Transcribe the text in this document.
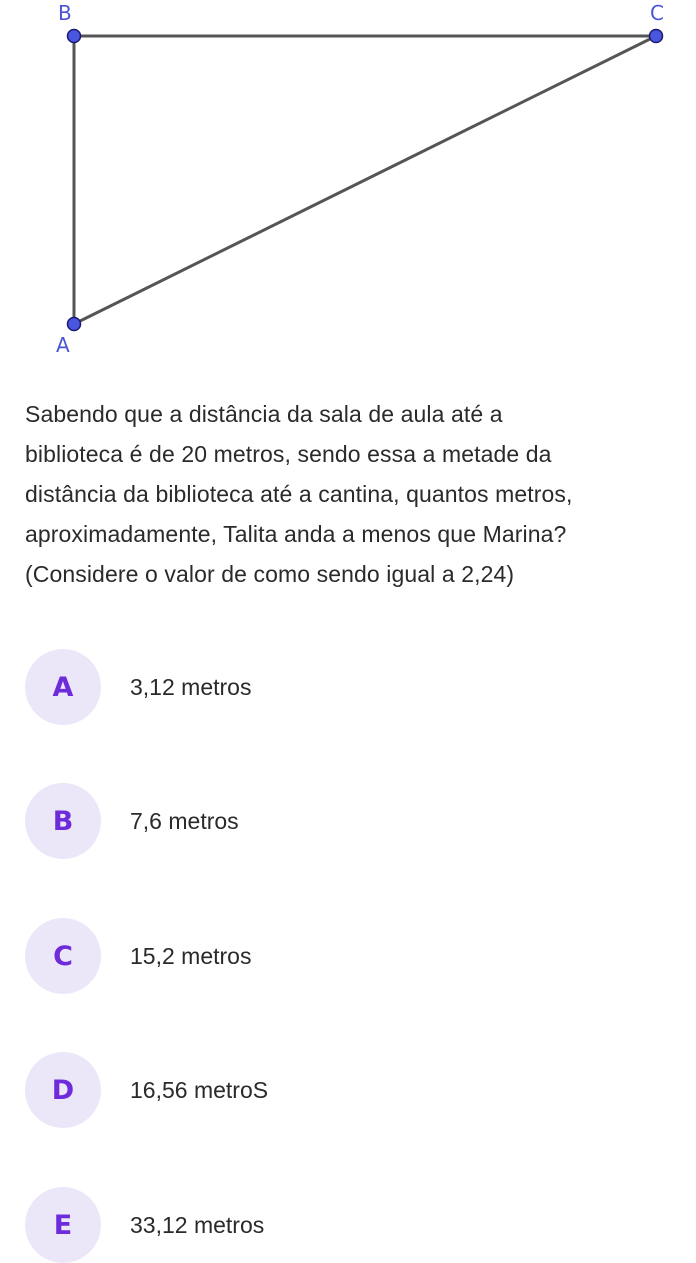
B	C
A
Sabendo que a distância da sala de aula até a
biblioteca é de 20 metros, sendo essa a metade da
distância da biblioteca até a cantina, quantos metros,
aproximadamente, Talita anda a menos que Marina?
(Considere o valor de como sendo igual a 2,24)
A	3,12 metros
B	7,6 metros
C	15,2 metros
D	16,56 metroS
E	33,12 metros
